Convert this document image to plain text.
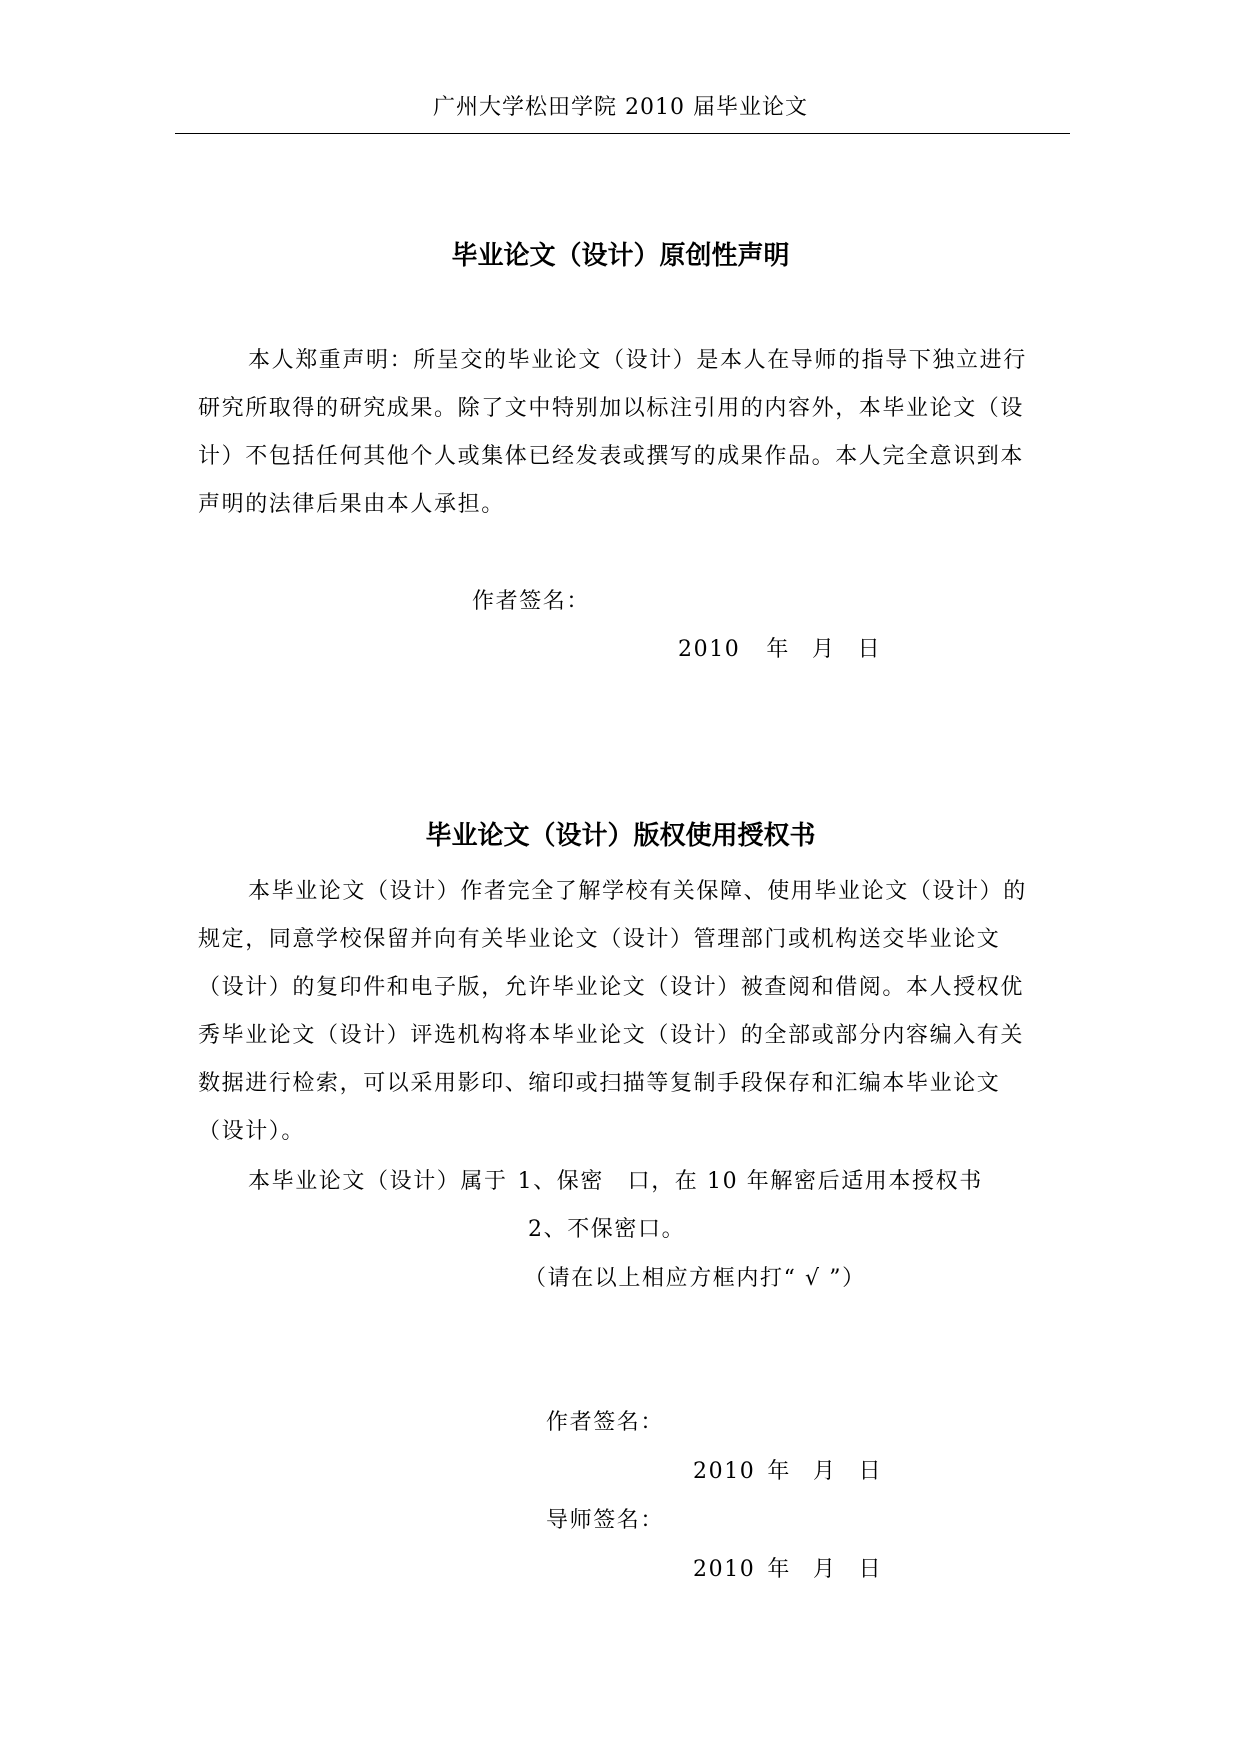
广州大学松田学院 2010 届毕业论文
毕业论文（设计）原创性声明
本人郑重声明：所呈交的毕业论文（设计）是本人在导师的指导下独立进行
研究所取得的研究成果。除了文中特别加以标注引用的内容外，本毕业论文（设
计）不包括任何其他个人或集体已经发表或撰写的成果作品。本人完全意识到本
声明的法律后果由本人承担。
作者签名：
2010 年 月 日
毕业论文（设计）版权使用授权书
本毕业论文（设计）作者完全了解学校有关保障、使用毕业论文（设计）的
规定，同意学校保留并向有关毕业论文（设计）管理部门或机构送交毕业论文
（设计）的复印件和电子版，允许毕业论文（设计）被查阅和借阅。本人授权优
秀毕业论文（设计）评选机构将本毕业论文（设计）的全部或部分内容编入有关
数据进行检索，可以采用影印、缩印或扫描等复制手段保存和汇编本毕业论文
（设计）。
本毕业论文（设计）属于 1、保密　口，在 10 年解密后适用本授权书
2、不保密口。
（请在以上相应方框内打“ √ ”）
作者签名：
2010 年 月 日
导师签名：
2010 年 月 日
